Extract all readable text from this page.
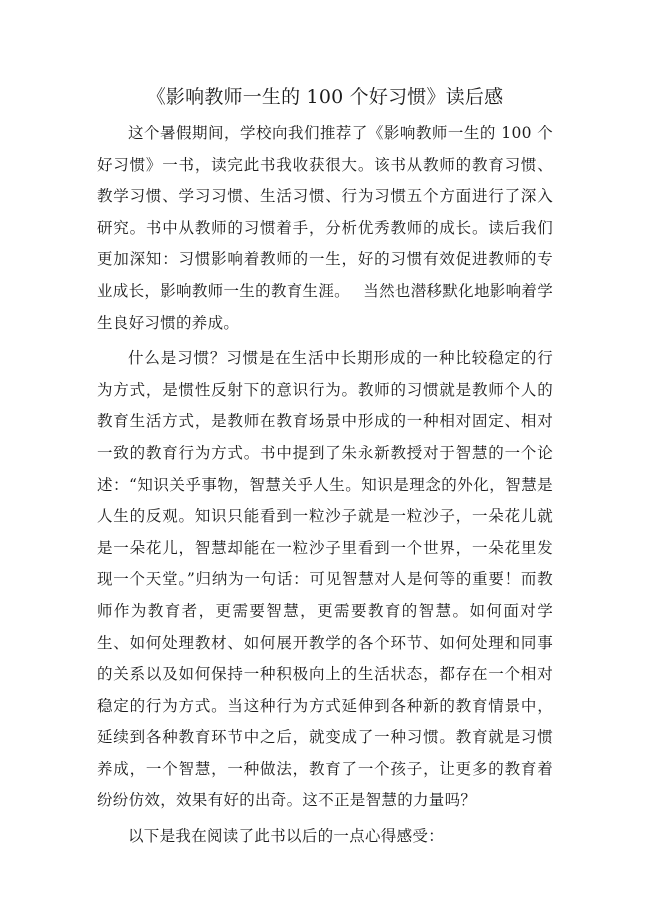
《影响教师一生的 100 个好习惯》读后感

这个暑假期间，学校向我们推荐了《影响教师一生的 100 个好习惯》一书，读完此书我收获很大。该书从教师的教育习惯、教学习惯、学习习惯、生活习惯、行为习惯五个方面进行了深入研究。书中从教师的习惯着手，分析优秀教师的成长。读后我们更加深知：习惯影响着教师的一生，好的习惯有效促进教师的专业成长，影响教师一生的教育生涯。　 当然也潜移默化地影响着学生良好习惯的养成。

什么是习惯？习惯是在生活中长期形成的一种比较稳定的行为方式，是惯性反射下的意识行为。教师的习惯就是教师个人的教育生活方式，是教师在教育场景中形成的一种相对固定、相对一致的教育行为方式。书中提到了朱永新教授对于智慧的一个论述：“知识关乎事物，智慧关乎人生。知识是理念的外化，智慧是人生的反观。知识只能看到一粒沙子就是一粒沙子，一朵花儿就是一朵花儿，智慧却能在一粒沙子里看到一个世界，一朵花里发现一个天堂。”归纳为一句话：可见智慧对人是何等的重要！而教师作为教育者，更需要智慧，更需要教育的智慧。如何面对学生、如何处理教材、如何展开教学的各个环节、如何处理和同事的关系以及如何保持一种积极向上的生活状态，都存在一个相对稳定的行为方式。当这种行为方式延伸到各种新的教育情景中，延续到各种教育环节中之后，就变成了一种习惯。教育就是习惯养成，一个智慧，一种做法，教育了一个孩子，让更多的教育着纷纷仿效，效果有好的出奇。这不正是智慧的力量吗？

以下是我在阅读了此书以后的一点心得感受：
